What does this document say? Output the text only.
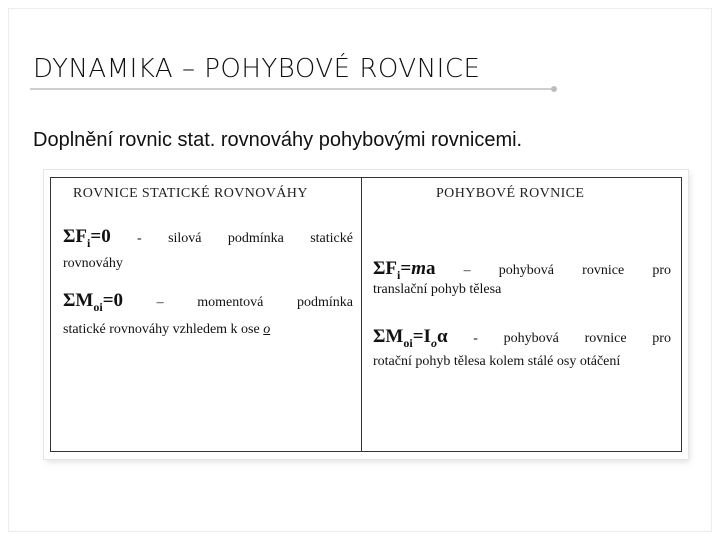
DYNAMIKA – POHYBOVÉ ROVNICE
Doplnění rovnic stat. rovnováhy pohybovými rovnicemi.
ROVNICE STATICKÉ ROVNOVÁHY	POHYBOVÉ ROVNICE
$\Sigma F_i=0$ - silová podmínka statické
rovnováhy
$\Sigma M_{oi}=0$ – momentová podmínka
statické rovnováhy vzhledem k ose o
$\Sigma F_i=ma$ – pohybová rovnice pro
translační pohyb tělesa
$\Sigma M_{oi}=I_o\alpha$ - pohybová rovnice pro
rotační pohyb tělesa kolem stálé osy otáčení
